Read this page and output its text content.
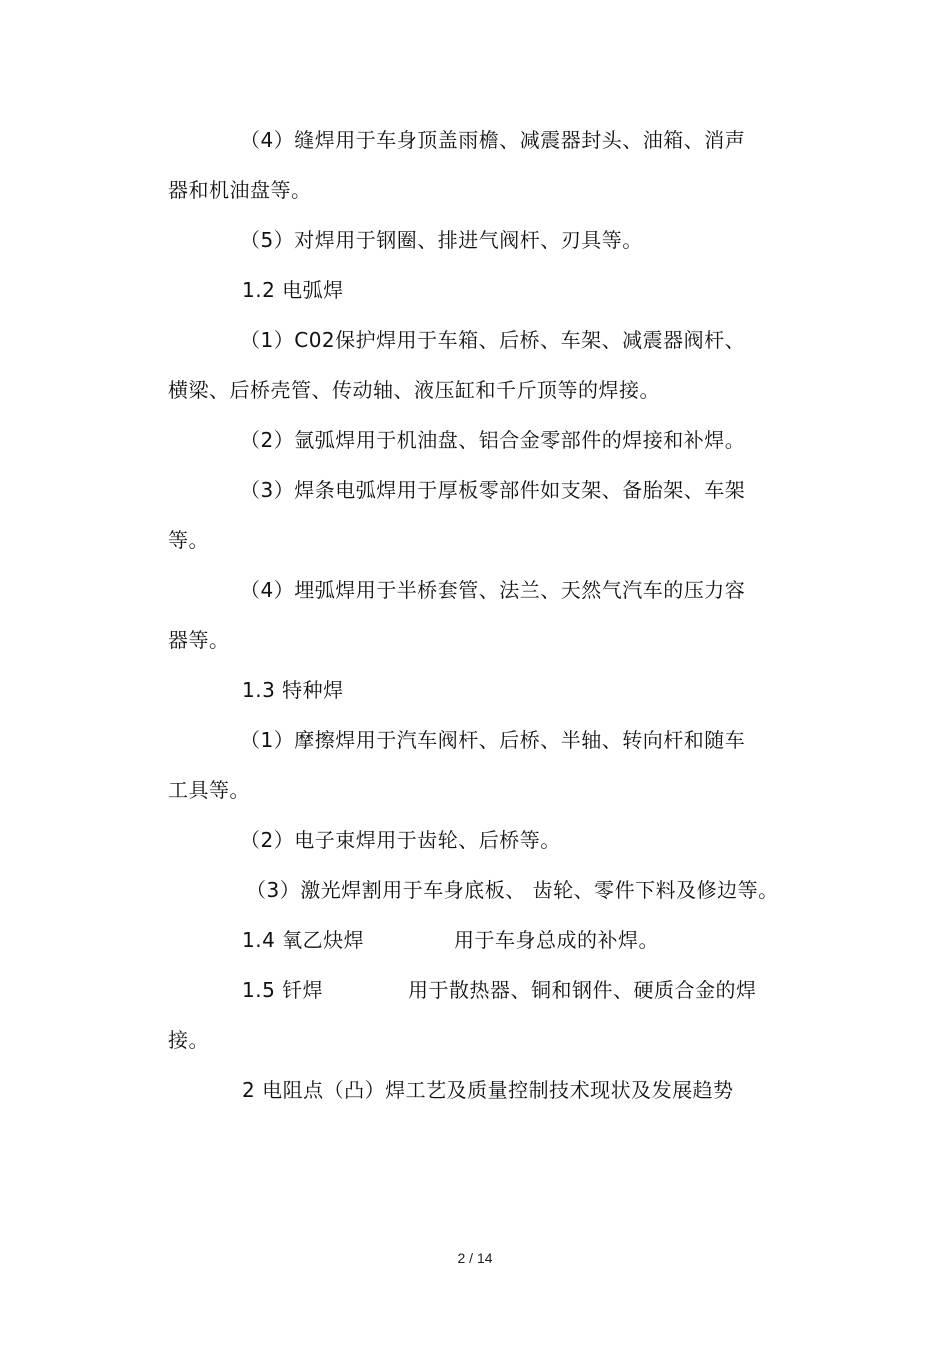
（4）缝焊用于车身顶盖雨檐、减震器封头、油箱、消声
器和机油盘等。
（5）对焊用于钢圈、排进气阀杆、刃具等。
1.2 电弧焊
（1）C02保护焊用于车箱、后桥、车架、减震器阀杆、
横梁、后桥壳管、传动轴、液压缸和千斤顶等的焊接。
（2）氩弧焊用于机油盘、铝合金零部件的焊接和补焊。
（3）焊条电弧焊用于厚板零部件如支架、备胎架、车架
等。
（4）埋弧焊用于半桥套管、法兰、天然气汽车的压力容
器等。
1.3 特种焊
（1）摩擦焊用于汽车阀杆、后桥、半轴、转向杆和随车
工具等。
（2）电子束焊用于齿轮、后桥等。
（3）激光焊割用于车身底板、 齿轮、零件下料及修边等。
1.4 氧乙炔焊	用于车身总成的补焊。
1.5 钎焊	用于散热器、铜和钢件、硬质合金的焊
接。
2 电阻点（凸）焊工艺及质量控制技术现状及发展趋势
2 / 14
